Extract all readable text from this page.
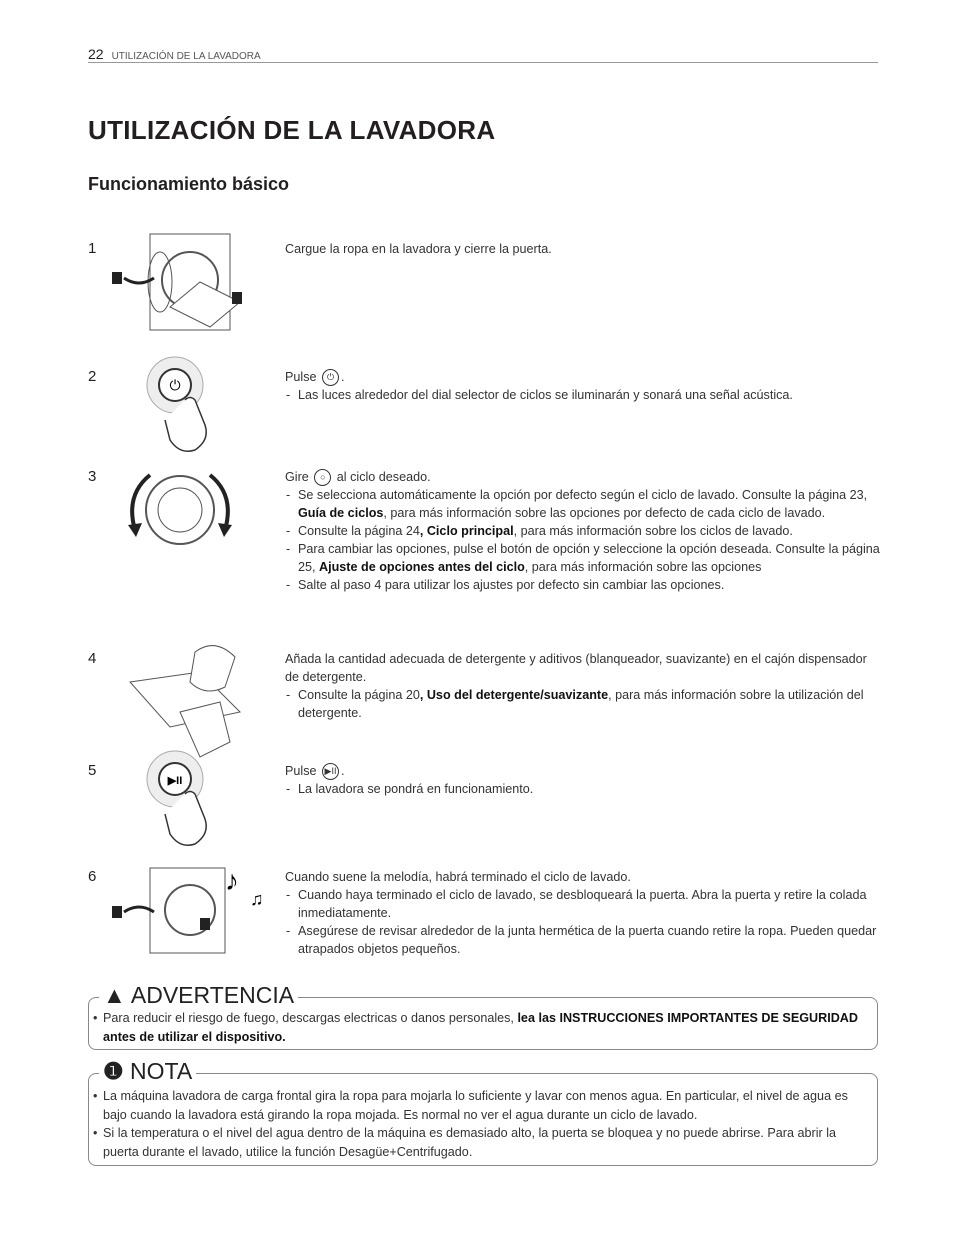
22 UTILIZACIÓN DE LA LAVADORA
UTILIZACIÓN DE LA LAVADORA
Funcionamiento básico
1	Cargue la ropa en la lavadora y cierre la puerta.
2	⏻	Pulse ⏻ .
- Las luces alrededor del dial selector de ciclos se iluminarán y sonará una señal acústica.
3	Gire ○ al ciclo deseado.
- Se selecciona automáticamente la opción por defecto según el ciclo de lavado. Consulte la página 23, Guía de ciclos, para más información sobre las opciones por defecto de cada ciclo de lavado.
- Consulte la página 24, Ciclo principal, para más información sobre los ciclos de lavado.
- Para cambiar las opciones, pulse el botón de opción y seleccione la opción deseada. Consulte la página 25, Ajuste de opciones antes del ciclo, para más información sobre las opciones
- Salte al paso 4 para utilizar los ajustes por defecto sin cambiar las opciones.
4	Añada la cantidad adecuada de detergente y aditivos (blanqueador, suavizante) en el cajón dispensador de detergente.
- Consulte la página 20, Uso del detergente/suavizante, para más información sobre la utilización del detergente.
5
▶II
Pulse ▶II .
- La lavadora se pondrá en funcionamiento.
6	♪
♫
Cuando suene la melodía, habrá terminado el ciclo de lavado.
- Cuando haya terminado el ciclo de lavado, se desbloqueará la puerta. Abra la puerta y retire la colada inmediatamente.
- Asegúrese de revisar alrededor de la junta hermética de la puerta cuando retire la ropa. Pueden quedar atrapados objetos pequeños.
▲ ADVERTENCIA
• Para reducir el riesgo de fuego, descargas electricas o danos personales, lea las INSTRUCCIONES IMPORTANTES DE SEGURIDAD antes de utilizar el dispositivo.
❶ NOTA
• La máquina lavadora de carga frontal gira la ropa para mojarla lo suficiente y lavar con menos agua. En particular, el nivel de agua es bajo cuando la lavadora está girando la ropa mojada. Es normal no ver el agua durante un ciclo de lavado.
• Si la temperatura o el nivel del agua dentro de la máquina es demasiado alto, la puerta se bloquea y no puede abrirse. Para abrir la puerta durante el lavado, utilice la función Desagüe+Centrifugado.
